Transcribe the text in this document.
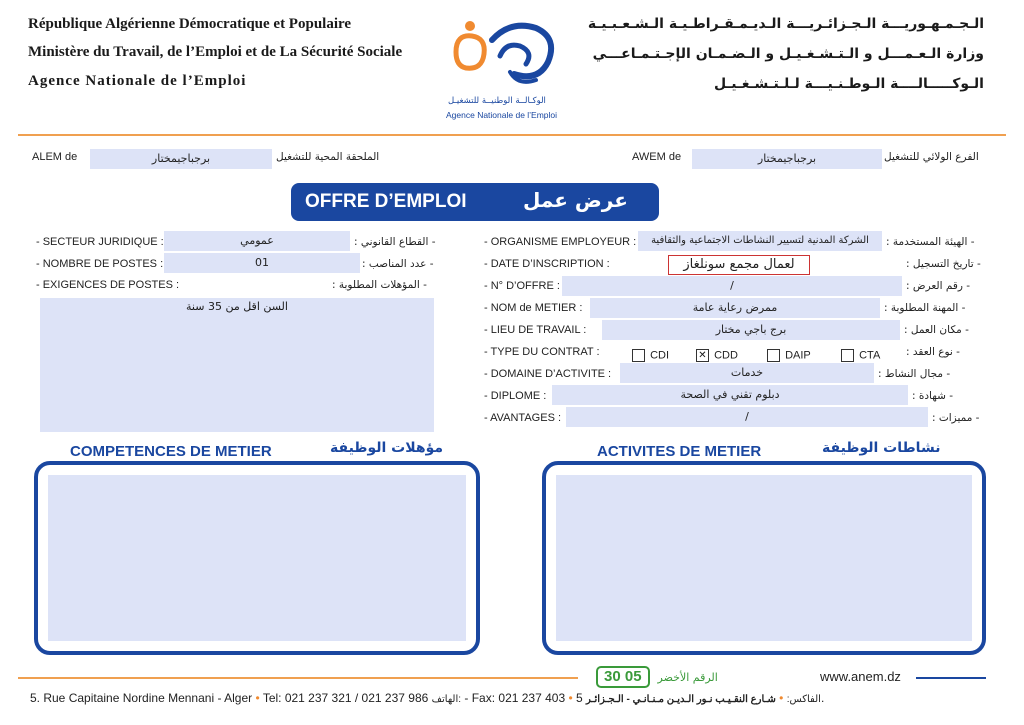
République Algérienne Démocratique et Populaire
Ministère du Travail, de l’Emploi et de La Sécurité Sociale
Agence Nationale de l’Emploi
الـجـمـهـوريـــة الـجـزائـريـــة الـديـمـقـراطـيـة الـشـعـبـيـة
وزارة الـعـمـــل و الـتـشـغـيـل و الـضـمـان الإجـتـمـاعـــي
الـوكـــــالــــة الـوطـنـيـــة لـلـتـشـغـيـل
الوكـالــة الوطنيــة للتشغيـل
Agence Nationale de l’Emploi
ALEM de	برجباجيمختار	الملحقة المحية للتشغيل	AWEM de	برجباجيمختار	الفرع الولائي للتشغيل
OFFRE D’EMPLOI	عرض عمل
- SECTEUR JURIDIQUE :	عمومي	- القطاع القانوني :
- NOMBRE DE POSTES :	01	- عدد المناصب :
- EXIGENCES DE POSTES :	- المؤهلات المطلوبة :
السن اقل من 35 سنة
- ORGANISME EMPLOYEUR :	الشركة المدنية لتسيير النشاطات الاجتماعية والثقافية	- الهيئة المستخدمة :
- DATE D’INSCRIPTION :	لعمال مجمع سونلغاز	- تاريخ التسجيل :
- N° D’OFFRE :	/	- رقم العرض :
- NOM de METIER :	ممرض رعاية عامة	- المهنة المطلوبة :
- LIEU DE TRAVAIL :	برج باجي مختار	- مكان العمل :
- TYPE DU CONTRAT :	CDI	✕ CDD	DAIP	CTA - نوع العقد :
- DOMAINE D’ACTIVITE :	خدمات	- مجال النشاط :
- DIPLOME :	دبلوم تقني في الصحة	- شهادة :
- AVANTAGES :	/	- مميزات :
COMPETENCES DE METIER	مؤهلات الوظيفة	ACTIVITES DE METIER	نشاطات الوظيفة
30 05	الرقم الأخضر	www.anem.dz
5. Rue Capitaine Nordine Mennani - Alger • Tel: 021 237 321 / 021 237 986 الهاتف: - Fax: 021 237 403 •	الفاكس: • شـارع النقـيـب نـور الـديـن مـنـانـي - الـجـزائـر 5.
